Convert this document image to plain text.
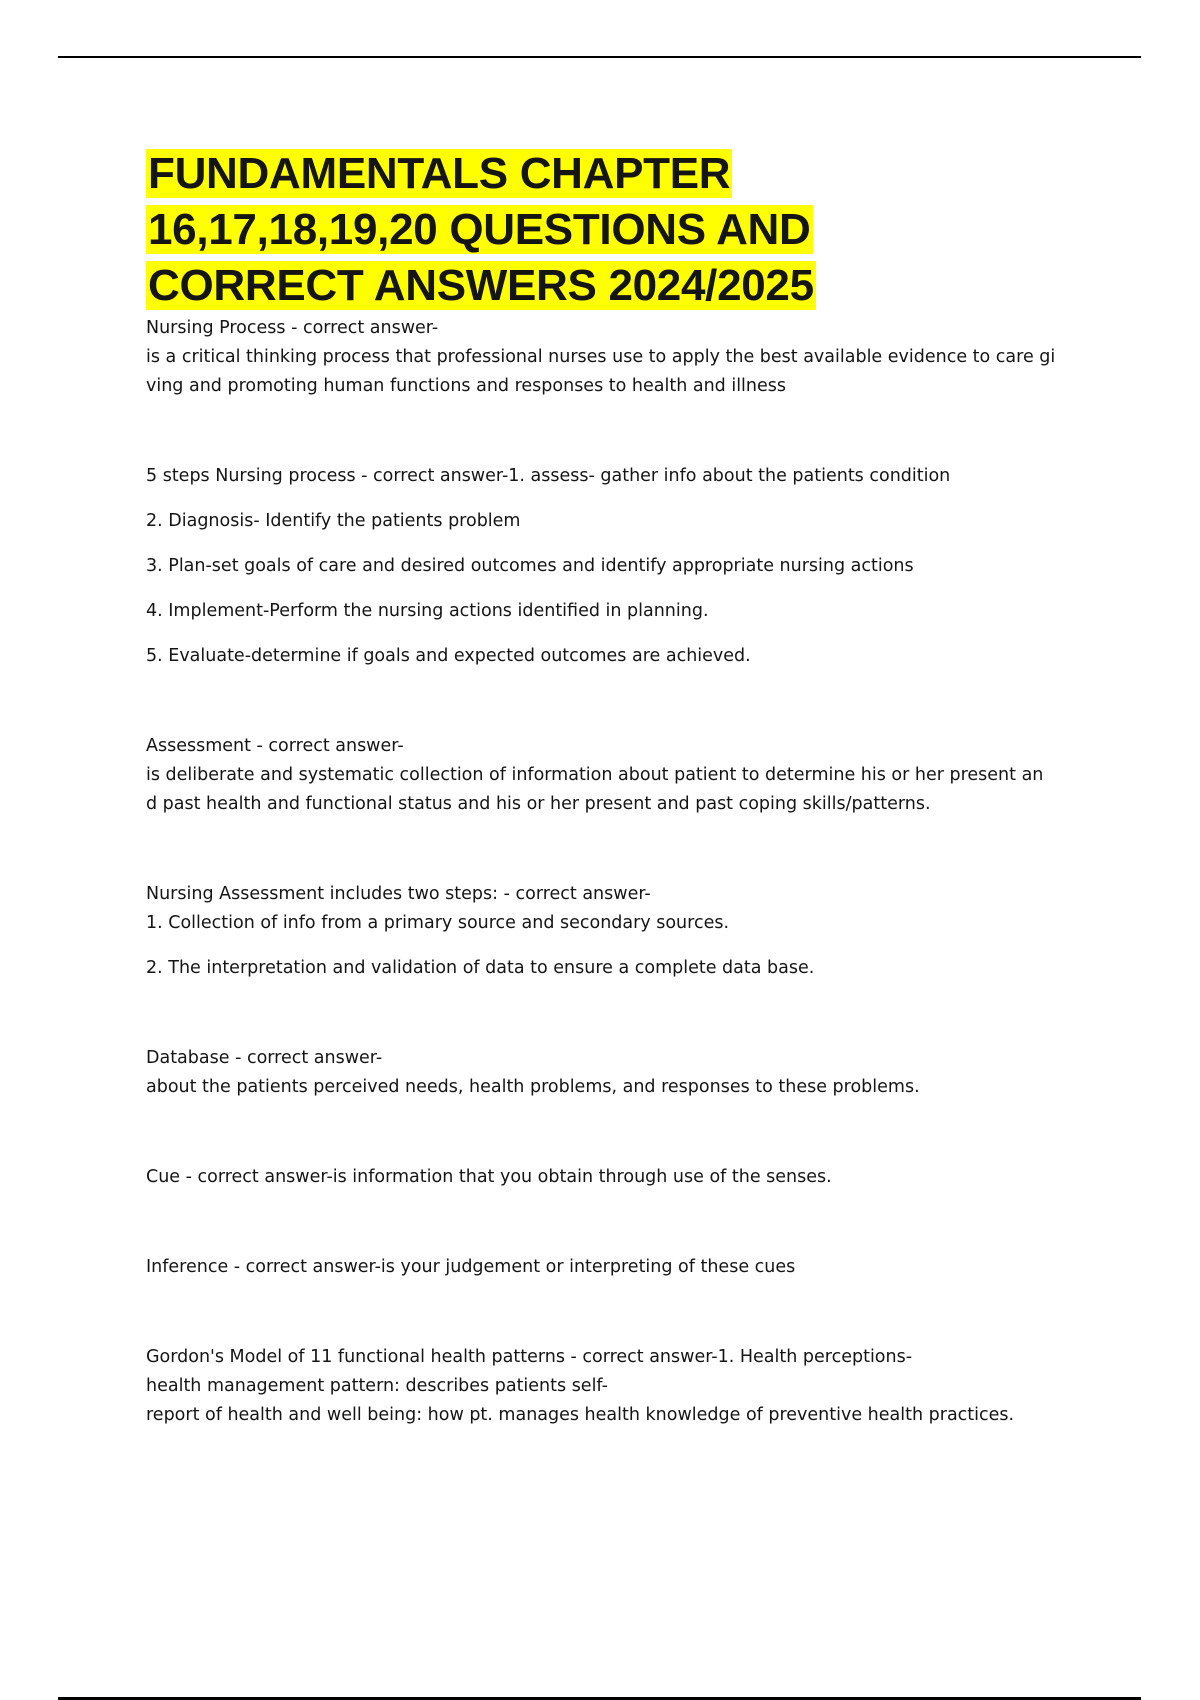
FUNDAMENTALS CHAPTER
16,17,18,19,20 QUESTIONS AND
CORRECT ANSWERS 2024/2025
Nursing Process - correct answer-
is a critical thinking process that professional nurses use to apply the best available evidence to care gi
ving and promoting human functions and responses to health and illness
5 steps Nursing process - correct answer-1. assess- gather info about the patients condition
2. Diagnosis- Identify the patients problem
3. Plan-set goals of care and desired outcomes and identify appropriate nursing actions
4. Implement-Perform the nursing actions identified in planning.
5. Evaluate-determine if goals and expected outcomes are achieved.
Assessment - correct answer-
is deliberate and systematic collection of information about patient to determine his or her present an
d past health and functional status and his or her present and past coping skills/patterns.
Nursing Assessment includes two steps: - correct answer-
1. Collection of info from a primary source and secondary sources.
2. The interpretation and validation of data to ensure a complete data base.
Database - correct answer-
about the patients perceived needs, health problems, and responses to these problems.
Cue - correct answer-is information that you obtain through use of the senses.
Inference - correct answer-is your judgement or interpreting of these cues
Gordon's Model of 11 functional health patterns - correct answer-1. Health perceptions-
health management pattern: describes patients self-
report of health and well being: how pt. manages health knowledge of preventive health practices.
